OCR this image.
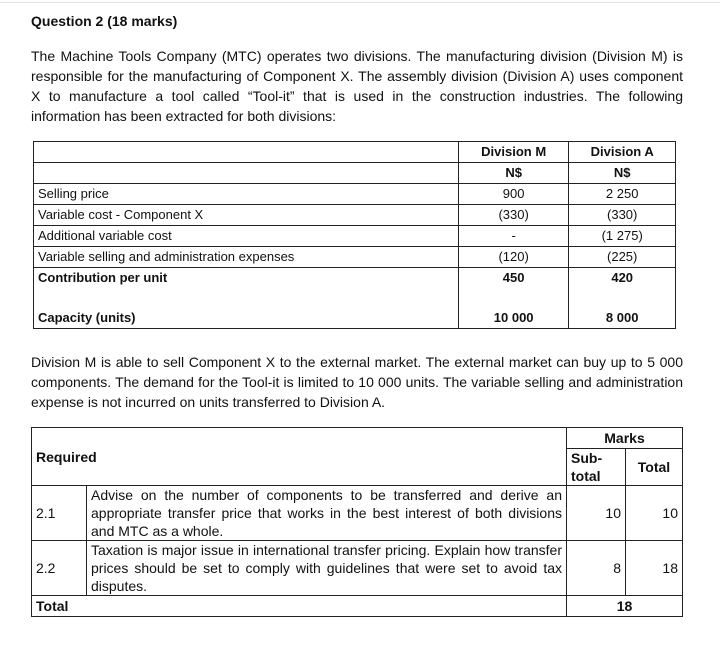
Question 2 (18 marks)
The Machine Tools Company (MTC) operates two divisions. The manufacturing division (Division M) is responsible for the manufacturing of Component X. The assembly division (Division A) uses component X to manufacture a tool called “Tool-it” that is used in the construction industries. The following information has been extracted for both divisions:
	Division M	Division A
	N$	N$
Selling price	900	2 250
Variable cost - Component X	(330)	(330)
Additional variable cost	-	(1 275)
Variable selling and administration expenses	(120)	(225)
Contribution per unit	450	420

Capacity (units)	10 000	8 000
Division M is able to sell Component X to the external market. The external market can buy up to 5 000 components. The demand for the Tool-it is limited to 10 000 units. The variable selling and administration expense is not incurred on units transferred to Division A.
Required		Marks	
		Sub-total	Total
2.1	Advise on the number of components to be transferred and derive an appropriate transfer price that works in the best interest of both divisions and MTC as a whole.	10	10
2.2	Taxation is major issue in international transfer pricing. Explain how transfer prices should be set to comply with guidelines that were set to avoid tax disputes.	8	18
Total		18	
